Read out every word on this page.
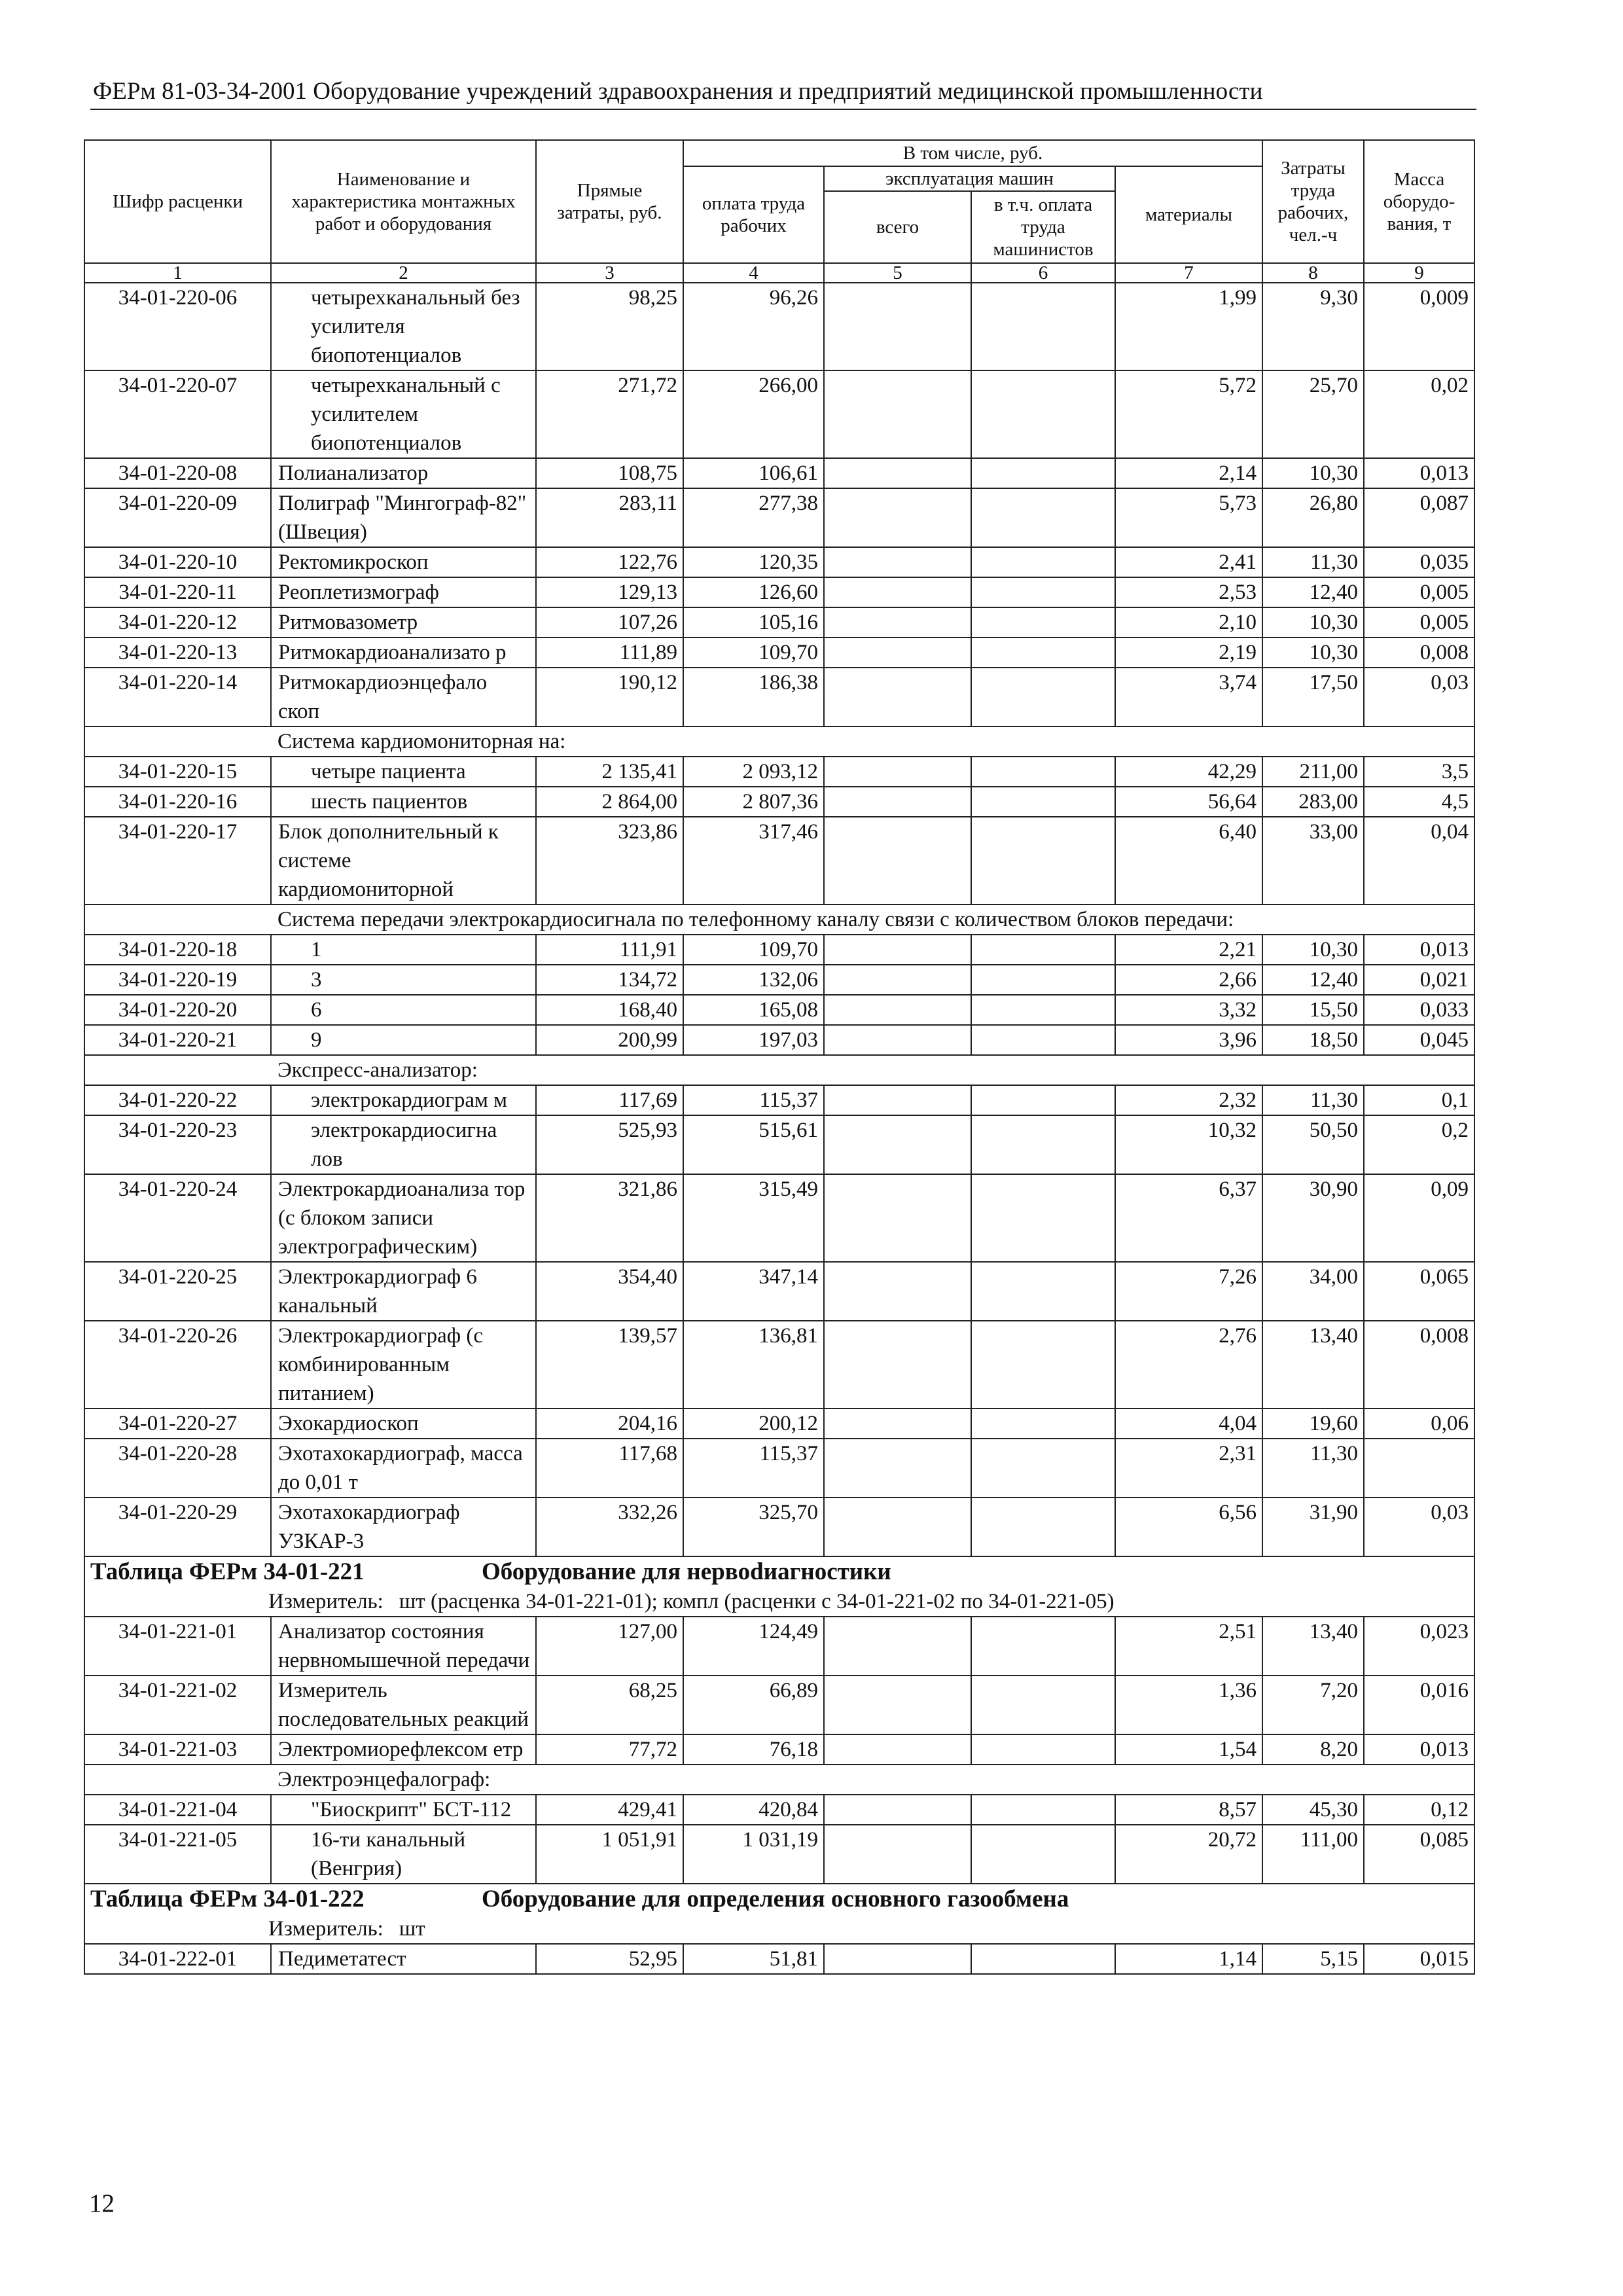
ФЕРм 81-03-34-2001 Оборудование учреждений здравоохранения и предприятий медицинской промышленности
Шифр расценки	Наименование и характеристика монтажных работ и оборудования	Прямые затраты, руб.	В том числе, руб.				Затраты труда рабочих, чел.-ч	Масса оборудо-вания, т
			оплата труда рабочих	эксплуатация машин		материалы		
				всего	в т.ч. оплата труда машинистов			
1	2	3	4	5	6	7	8	9
34-01-220-06	четырехканальный без усилителя биопотенциалов	98,25	96,26			1,99	9,30	0,009
34-01-220-07	четырехканальный с усилителем биопотенциалов	271,72	266,00			5,72	25,70	0,02
34-01-220-08	Полианализатор	108,75	106,61			2,14	10,30	0,013
34-01-220-09	Полиграф "Мингограф-82" (Швеция)	283,11	277,38			5,73	26,80	0,087
34-01-220-10	Ректомикроскоп	122,76	120,35			2,41	11,30	0,035
34-01-220-11	Реоплетизмограф	129,13	126,60			2,53	12,40	0,005
34-01-220-12	Ритмовазометр	107,26	105,16			2,10	10,30	0,005
34-01-220-13	Ритмокардиоанализато р	111,89	109,70			2,19	10,30	0,008
34-01-220-14	Ритмокардиоэнцефало скоп	190,12	186,38			3,74	17,50	0,03
	Система кардиомониторная на:							
34-01-220-15	четыре пациента	2 135,41	2 093,12			42,29	211,00	3,5
34-01-220-16	шесть пациентов	2 864,00	2 807,36			56,64	283,00	4,5
34-01-220-17	Блок дополнительный к системе кардиомониторной	323,86	317,46			6,40	33,00	0,04
	Система передачи электрокардиосигнала по телефонному каналу связи с количеством блоков передачи:							
34-01-220-18	1	111,91	109,70			2,21	10,30	0,013
34-01-220-19	3	134,72	132,06			2,66	12,40	0,021
34-01-220-20	6	168,40	165,08			3,32	15,50	0,033
34-01-220-21	9	200,99	197,03			3,96	18,50	0,045
	Экспресс-анализатор:							
34-01-220-22	электрокардиограм м	117,69	115,37			2,32	11,30	0,1
34-01-220-23	электрокардиосигна лов	525,93	515,61			10,32	50,50	0,2
34-01-220-24	Электрокардиоанализа тор (с блоком записи электрографическим)	321,86	315,49			6,37	30,90	0,09
34-01-220-25	Электрокардиограф 6 канальный	354,40	347,14			7,26	34,00	0,065
34-01-220-26	Электрокардиограф (с комбинированным питанием)	139,57	136,81			2,76	13,40	0,008
34-01-220-27	Эхокардиоскоп	204,16	200,12			4,04	19,60	0,06
34-01-220-28	Эхотахокардиограф, масса до 0,01 т	117,68	115,37			2,31	11,30	
34-01-220-29	Эхотахокардиограф УЗКАР-3	332,26	325,70			6,56	31,90	0,03

Таблица ФЕРм 34-01-221 Оборудование для нервodиагностики								

Измеритель: шт (расценка 34-01-221-01); компл (расценки с 34-01-221-02 по 34-01-221-05)								

34-01-221-01	Анализатор состояния нервномышечной передачи	127,00	124,49			2,51	13,40	0,023
34-01-221-02	Измеритель последовательных реакций	68,25	66,89			1,36	7,20	0,016
34-01-221-03	Электромиорефлексом етр	77,72	76,18			1,54	8,20	0,013
	Электроэнцефалограф:							
34-01-221-04	"Биоскрипт" БСТ-112	429,41	420,84			8,57	45,30	0,12
34-01-221-05	16-ти канальный (Венгрия)	1 051,91	1 031,19			20,72	111,00	0,085

Таблица ФЕРм 34-01-222 Оборудование для определения основного газообмена								

Измеритель: шт								

34-01-222-01	Педиметатест	52,95	51,81			1,14	5,15	0,015
12
